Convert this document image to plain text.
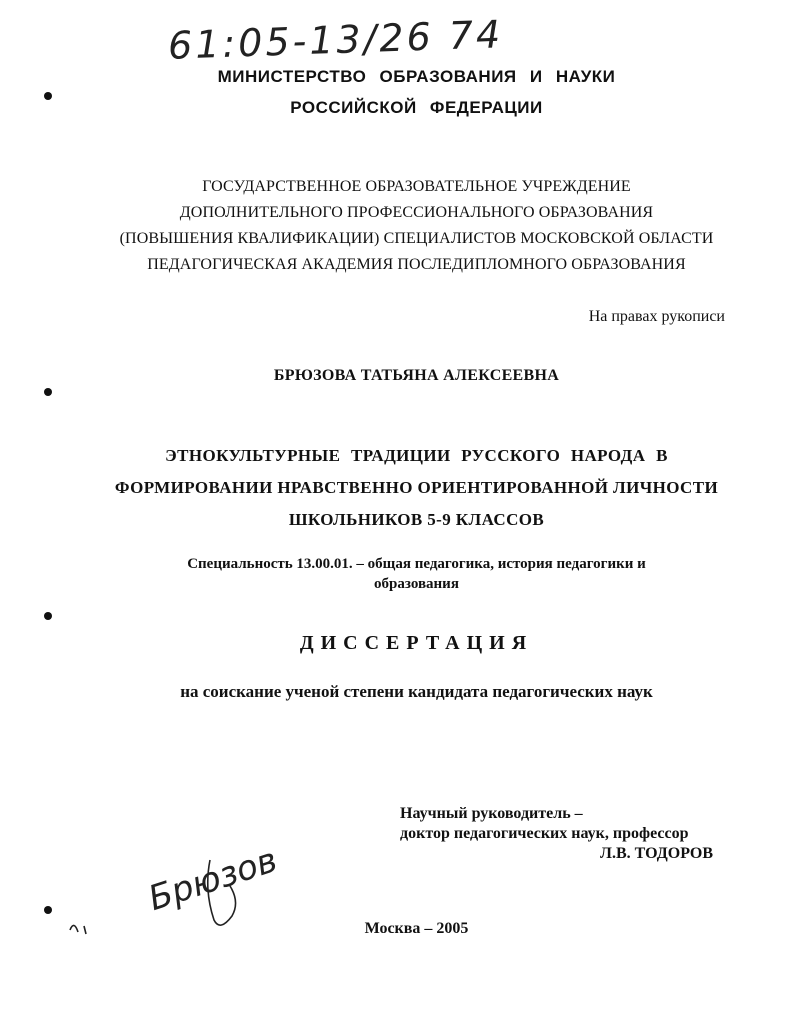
61:05-13/26 74
МИНИСТЕРСТВО ОБРАЗОВАНИЯ И НАУКИ
РОССИЙСКОЙ ФЕДЕРАЦИИ
ГОСУДАРСТВЕННОЕ ОБРАЗОВАТЕЛЬНОЕ УЧРЕЖДЕНИЕ
ДОПОЛНИТЕЛЬНОГО ПРОФЕССИОНАЛЬНОГО ОБРАЗОВАНИЯ
(ПОВЫШЕНИЯ КВАЛИФИКАЦИИ) СПЕЦИАЛИСТОВ МОСКОВСКОЙ ОБЛАСТИ
ПЕДАГОГИЧЕСКАЯ АКАДЕМИЯ ПОСЛЕДИПЛОМНОГО ОБРАЗОВАНИЯ
На правах рукописи
БРЮЗОВА ТАТЬЯНА АЛЕКСЕЕВНА
ЭТНОКУЛЬТУРНЫЕ ТРАДИЦИИ РУССКОГО НАРОДА В
ФОРМИРОВАНИИ НРАВСТВЕННО ОРИЕНТИРОВАННОЙ ЛИЧНОСТИ
ШКОЛЬНИКОВ 5-9 КЛАССОВ
Специальность 13.00.01. – общая педагогика, история педагогики и
образования
ДИССЕРТАЦИЯ
на соискание ученой степени кандидата педагогических наук
Научный руководитель –
доктор педагогических наук, профессор
Л.В. ТОДОРОВ
Брюзов
Москва – 2005
